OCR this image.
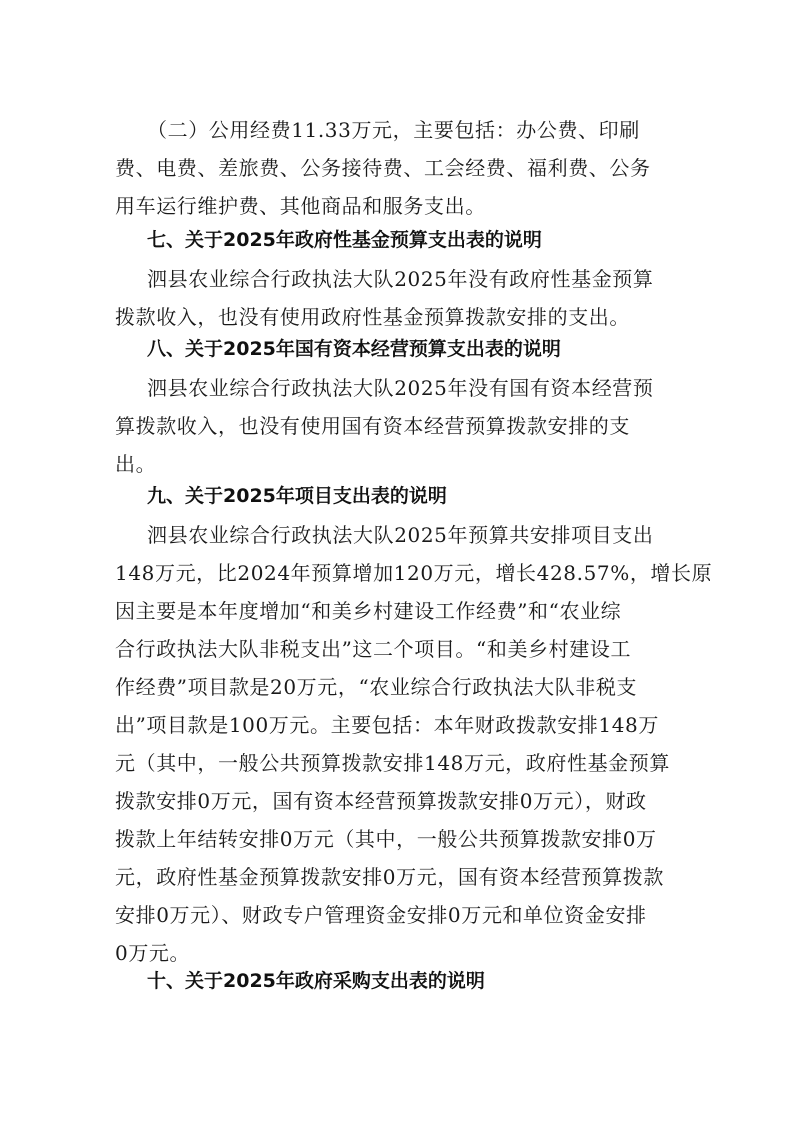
（二）公用经费11.33万元，主要包括：办公费、印刷
费、电费、差旅费、公务接待费、工会经费、福利费、公务
用车运行维护费、其他商品和服务支出。
七、关于2025年政府性基金预算支出表的说明
泗县农业综合行政执法大队2025年没有政府性基金预算
拨款收入，也没有使用政府性基金预算拨款安排的支出。
八、关于2025年国有资本经营预算支出表的说明
泗县农业综合行政执法大队2025年没有国有资本经营预
算拨款收入，也没有使用国有资本经营预算拨款安排的支
出。
九、关于2025年项目支出表的说明
泗县农业综合行政执法大队2025年预算共安排项目支出
148万元，比2024年预算增加120万元，增长428.57%，增长原
因主要是本年度增加“和美乡村建设工作经费”和“农业综
合行政执法大队非税支出”这二个项目。“和美乡村建设工
作经费”项目款是20万元，“农业综合行政执法大队非税支
出”项目款是100万元。主要包括：本年财政拨款安排148万
元（其中，一般公共预算拨款安排148万元，政府性基金预算
拨款安排0万元，国有资本经营预算拨款安排0万元），财政
拨款上年结转安排0万元（其中，一般公共预算拨款安排0万
元，政府性基金预算拨款安排0万元，国有资本经营预算拨款
安排0万元）、财政专户管理资金安排0万元和单位资金安排
0万元。
十、关于2025年政府采购支出表的说明
